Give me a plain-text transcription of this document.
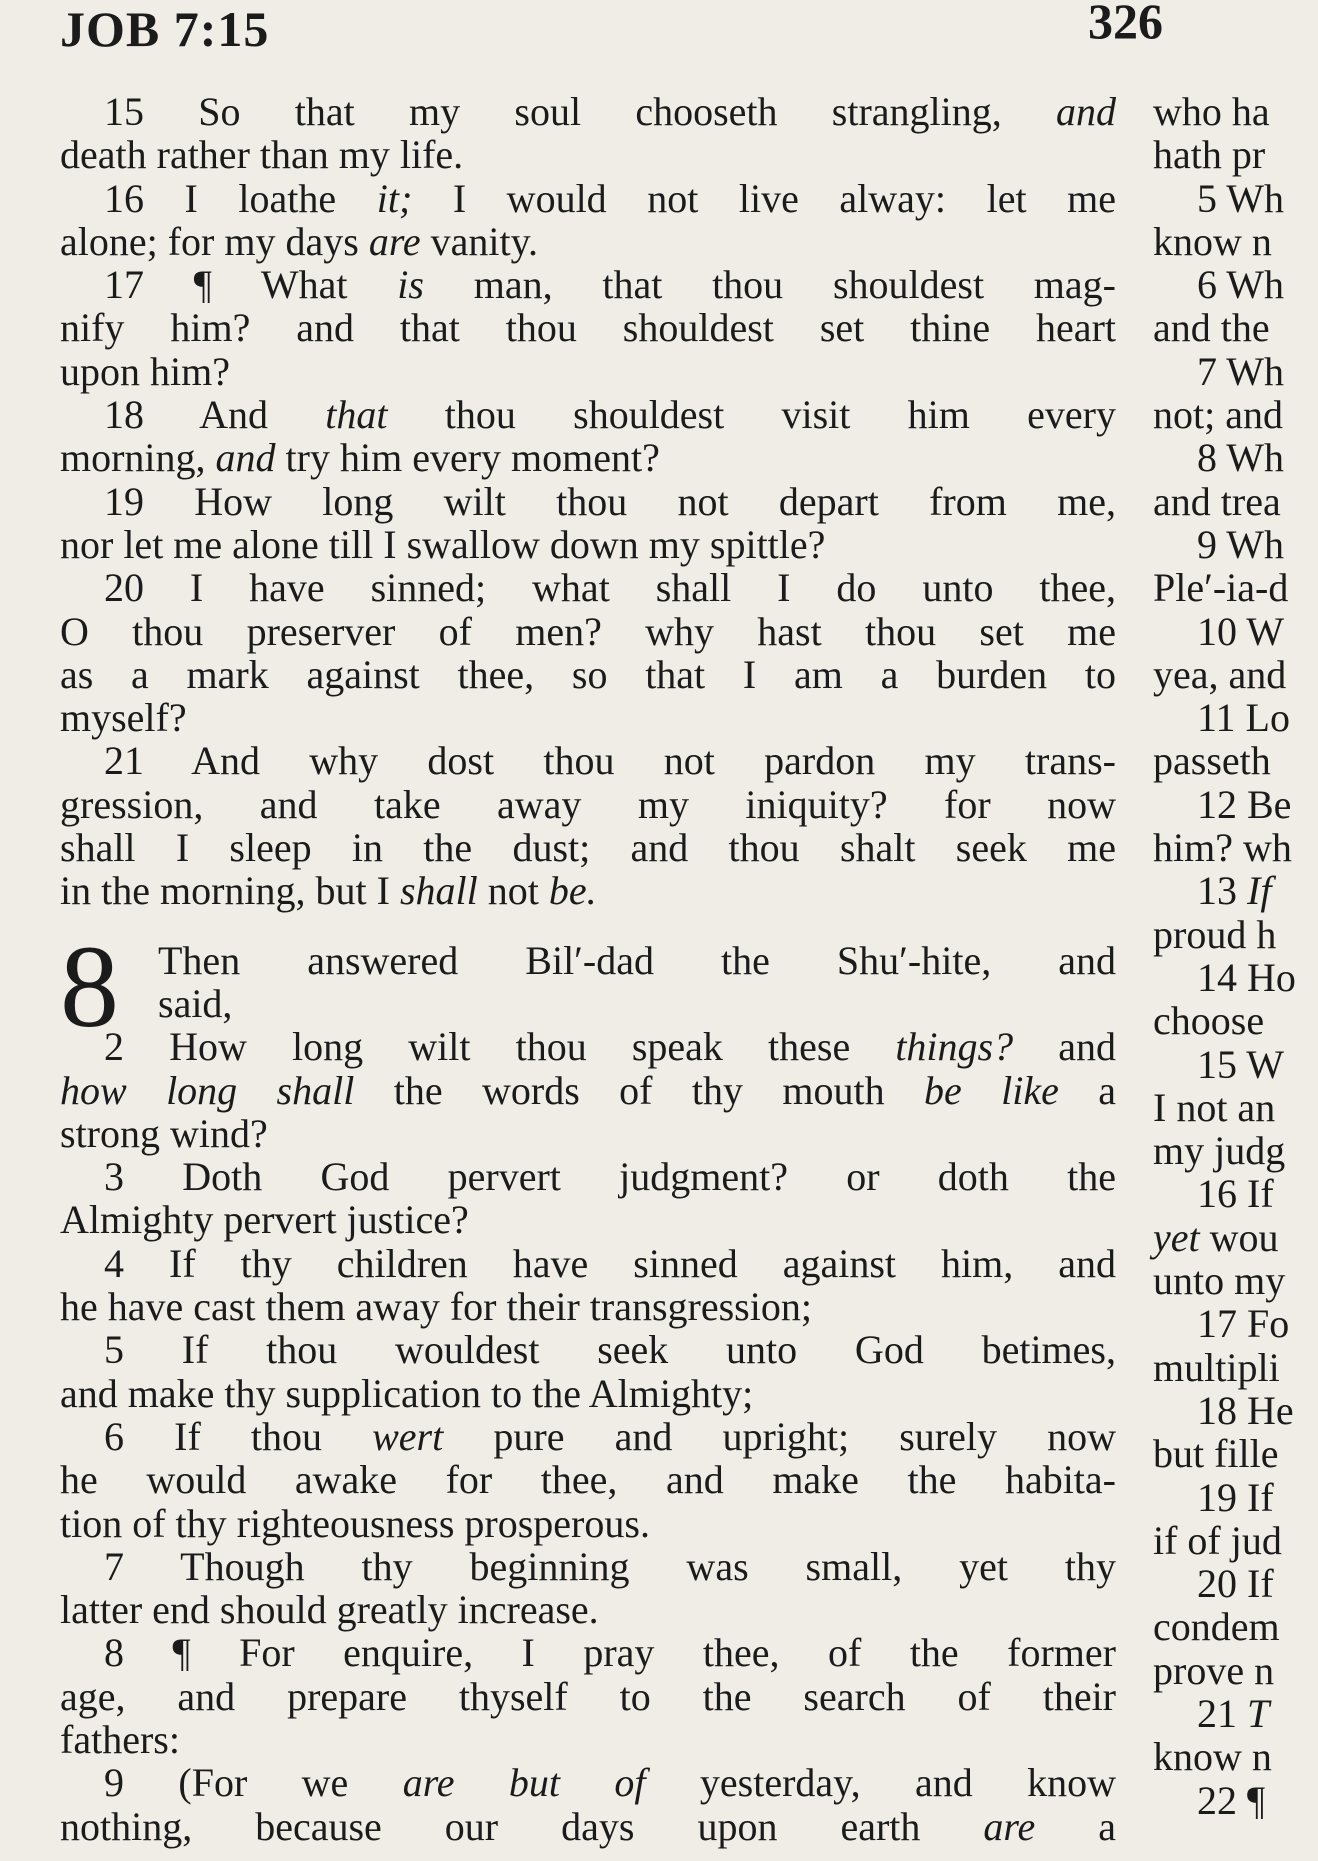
JOB 7:15	326
15 So that my soul chooseth strangling, and
death rather than my life.
16 I loathe it; I would not live alway: let me
alone; for my days are vanity.
17 ¶ What is man, that thou shouldest mag-
nify him? and that thou shouldest set thine heart
upon him?
18 And that thou shouldest visit him every
morning, and try him every moment?
19 How long wilt thou not depart from me,
nor let me alone till I swallow down my spittle?
20 I have sinned; what shall I do unto thee,
O thou preserver of men? why hast thou set me
as a mark against thee, so that I am a burden to
myself?
21 And why dost thou not pardon my trans-
gression, and take away my iniquity? for now
shall I sleep in the dust; and thou shalt seek me
in the morning, but I shall not be.
8 Then answered Bil′-dad the Shu′-hite, and
said,
2 How long wilt thou speak these things? and
how long shall the words of thy mouth be like a
strong wind?
3 Doth God pervert judgment? or doth the
Almighty pervert justice?
4 If thy children have sinned against him, and
he have cast them away for their transgression;
5 If thou wouldest seek unto God betimes,
and make thy supplication to the Almighty;
6 If thou wert pure and upright; surely now
he would awake for thee, and make the habita-
tion of thy righteousness prosperous.
7 Though thy beginning was small, yet thy
latter end should greatly increase.
8 ¶ For enquire, I pray thee, of the former
age, and prepare thyself to the search of their
fathers:
9 (For we are but of yesterday, and know
nothing, because our days upon earth are a
who ha
hath pr
5 Wh
know n
6 Wh
and the
7 Wh
not; and
8 Wh
and trea
9 Wh
Ple′-ia-d
10 W
yea, and
11 Lo
passeth
12 Be
him? wh
13 If
proud h
14 Ho
choose
15 W
I not an
my judg
16 If
yet wou
unto my
17 Fo
multipli
18 He
but fille
19 If
if of jud
20 If
condem
prove n
21 T
know n
22 ¶
